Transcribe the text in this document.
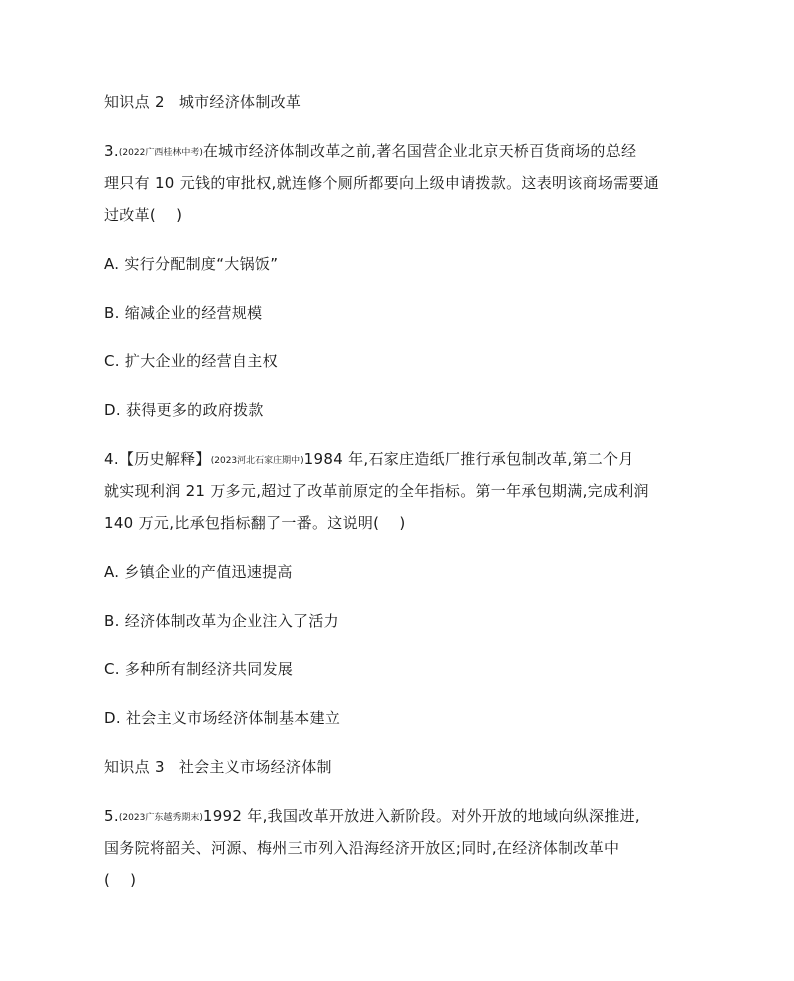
知识点 2 城市经济体制改革
3.(2022广西桂林中考)在城市经济体制改革之前,著名国营企业北京天桥百货商场的总经
理只有 10 元钱的审批权,就连修个厕所都要向上级申请拨款。这表明该商场需要通
过改革( )
A. 实行分配制度“大锅饭”
B. 缩减企业的经营规模
C. 扩大企业的经营自主权
D. 获得更多的政府拨款
4.【历史解释】(2023河北石家庄期中)1984 年,石家庄造纸厂推行承包制改革,第二个月
就实现利润 21 万多元,超过了改革前原定的全年指标。第一年承包期满,完成利润
140 万元,比承包指标翻了一番。这说明( )
A. 乡镇企业的产值迅速提高
B. 经济体制改革为企业注入了活力
C. 多种所有制经济共同发展
D. 社会主义市场经济体制基本建立
知识点 3 社会主义市场经济体制
5.(2023广东越秀期末)1992 年,我国改革开放进入新阶段。对外开放的地域向纵深推进,
国务院将韶关、河源、梅州三市列入沿海经济开放区;同时,在经济体制改革中
( )
